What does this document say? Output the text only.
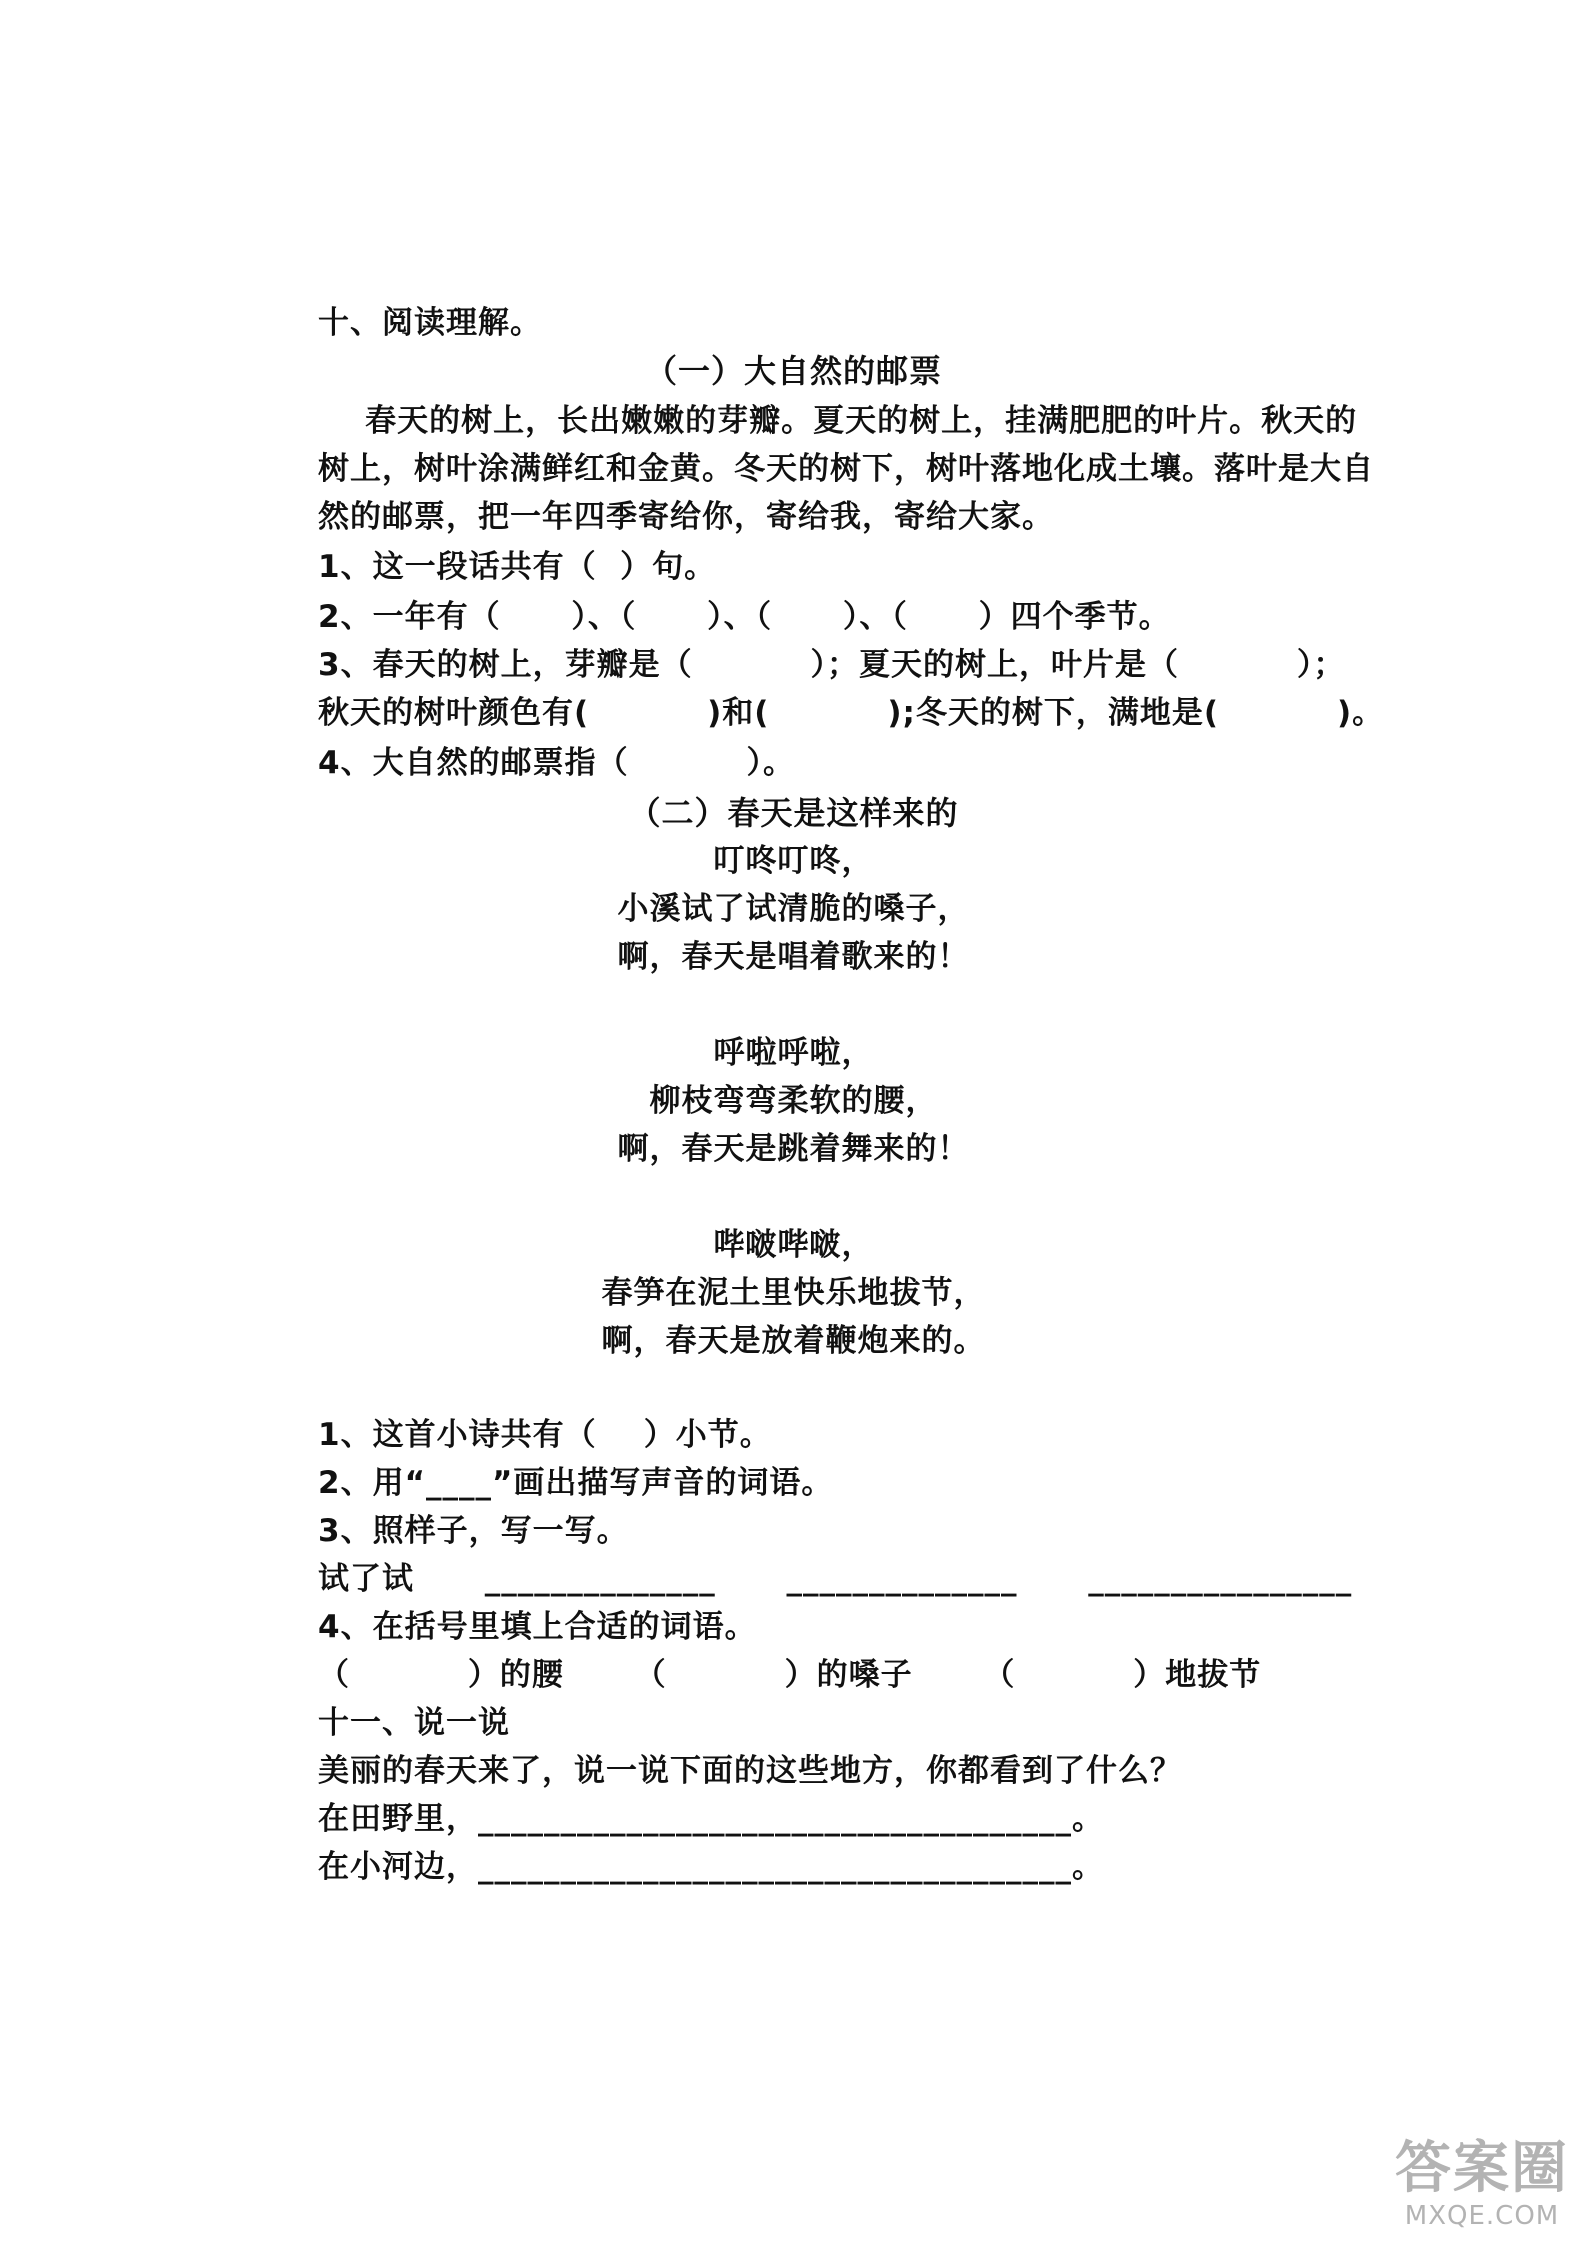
十、阅读理解。
（一）大自然的邮票
春天的树上，长出嫩嫩的芽瓣。夏天的树上，挂满肥肥的叶片。秋天的
树上，树叶涂满鲜红和金黄。冬天的树下，树叶落地化成土壤。落叶是大自
然的邮票，把一年四季寄给你，寄给我，寄给大家。
1、这一段话共有（  ）句。
2、一年有（      ）、（      ）、（      ）、（      ）四个季节。
3、春天的树上，芽瓣是（          ）；夏天的树上，叶片是（          ）；
秋天的树叶颜色有(          )和(          );冬天的树下，满地是(          )。
4、大自然的邮票指（          ）。
（二）春天是这样来的
叮咚叮咚，
小溪试了试清脆的嗓子，
啊，春天是唱着歌来的！
呼啦呼啦，
柳枝弯弯柔软的腰，
啊，春天是跳着舞来的！
哔啵哔啵，
春笋在泥土里快乐地拔节，
啊，春天是放着鞭炮来的。
1、这首小诗共有（    ）小节。
2、用“____”画出描写声音的词语。
3、照样子，写一写。
试了试      ______________      ______________      ________________
4、在括号里填上合适的词语。
（          ）的腰      （          ）的嗓子      （          ）地拔节
十一、说一说
美丽的春天来了，说一说下面的这些地方，你都看到了什么？
在田野里，____________________________________。
在小河边，____________________________________。
答案圈
MXQE.COM
